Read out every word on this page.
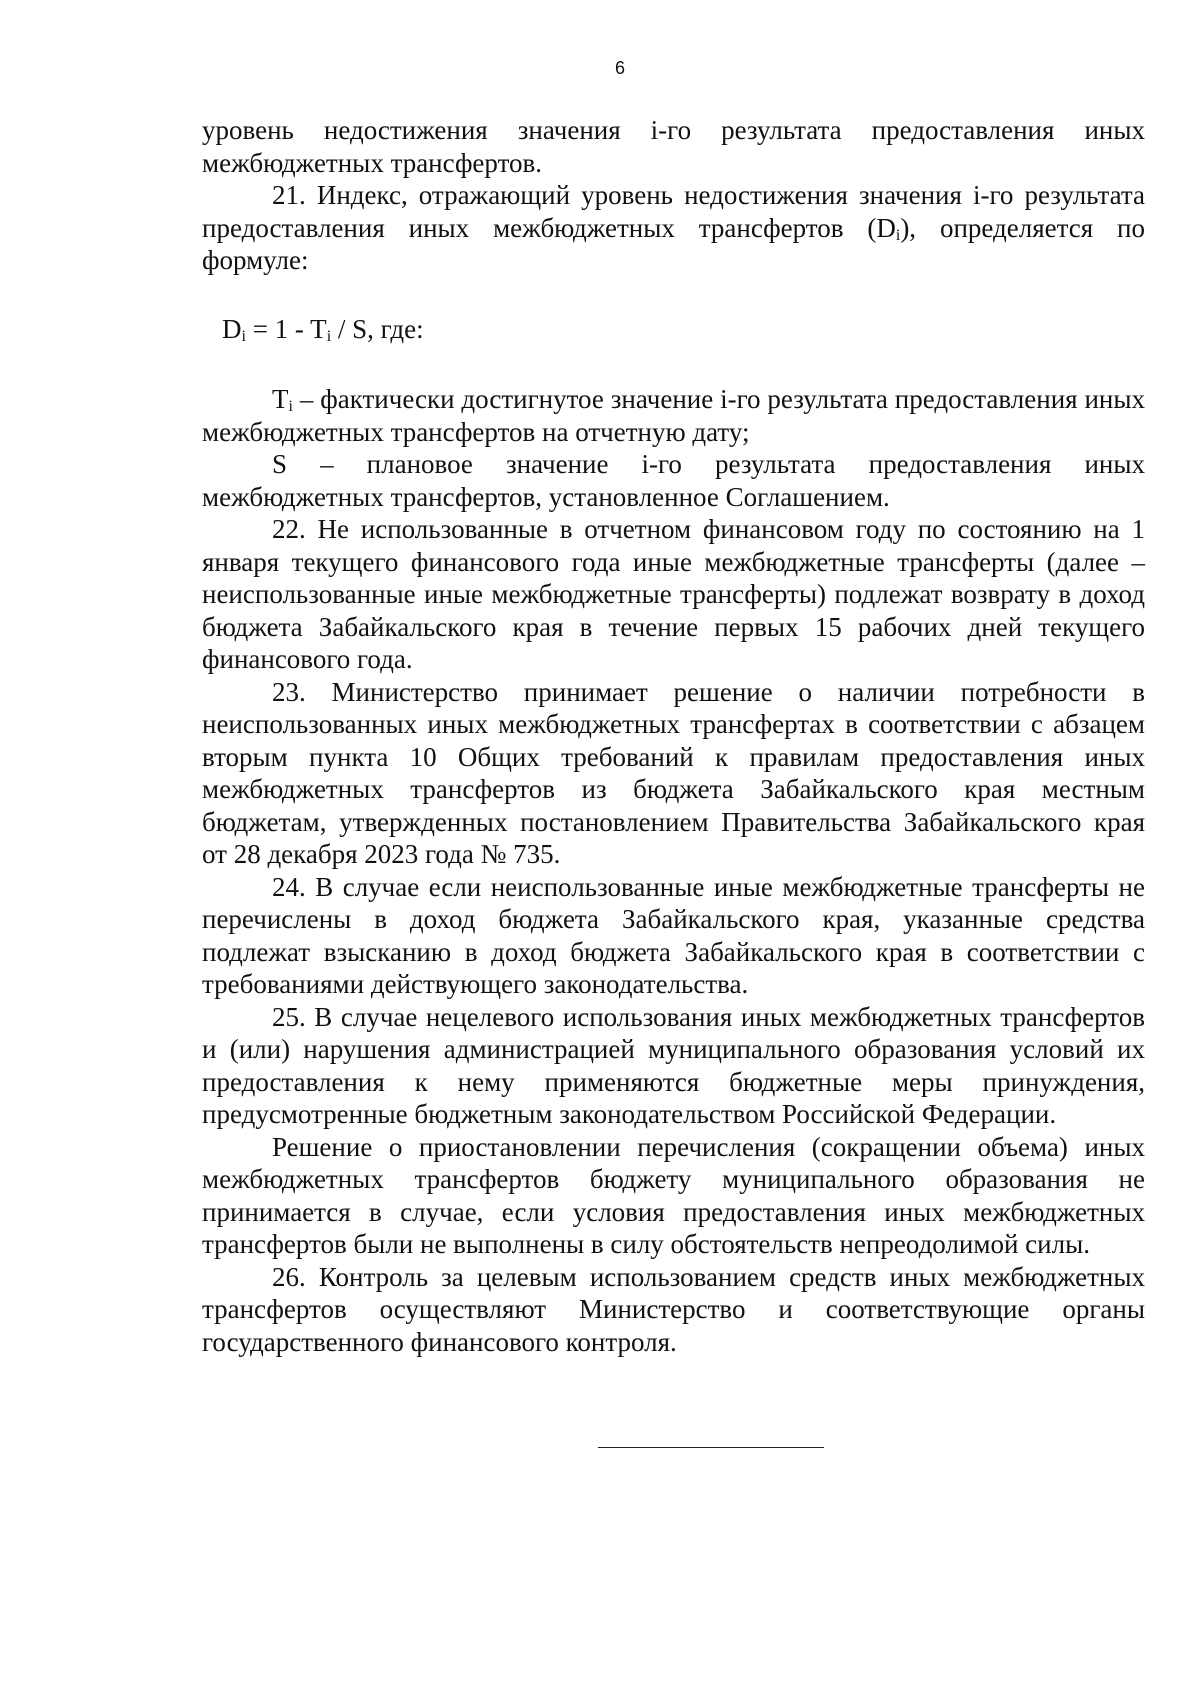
6

уровень недостижения значения i-го результата предоставления иных межбюджетных трансфертов.

21. Индекс, отражающий уровень недостижения значения i-го результата предоставления иных межбюджетных трансфертов $(D_i)$, определяется по формуле:

$D_i = 1 - T_i / S$, где:

$T_i$ – фактически достигнутое значение i-го результата предоставления иных межбюджетных трансфертов на отчетную дату;

S – плановое значение i-го результата предоставления иных межбюджетных трансфертов, установленное Соглашением.

22. Не использованные в отчетном финансовом году по состоянию на 1 января текущего финансового года иные межбюджетные трансферты (далее – неиспользованные иные межбюджетные трансферты) подлежат возврату в доход бюджета Забайкальского края в течение первых 15 рабочих дней текущего финансового года.

23. Министерство принимает решение о наличии потребности в неиспользованных иных межбюджетных трансфертах в соответствии с абзацем вторым пункта 10 Общих требований к правилам предоставления иных межбюджетных трансфертов из бюджета Забайкальского края местным бюджетам, утвержденных постановлением Правительства Забайкальского края от 28 декабря 2023 года № 735.

24. В случае если неиспользованные иные межбюджетные трансферты не перечислены в доход бюджета Забайкальского края, указанные средства подлежат взысканию в доход бюджета Забайкальского края в соответствии с требованиями действующего законодательства.

25. В случае нецелевого использования иных межбюджетных трансфертов и (или) нарушения администрацией муниципального образования условий их предоставления к нему применяются бюджетные меры принуждения, предусмотренные бюджетным законодательством Российской Федерации.

Решение о приостановлении перечисления (сокращении объема) иных межбюджетных трансфертов бюджету муниципального образования не принимается в случае, если условия предоставления иных межбюджетных трансфертов были не выполнены в силу обстоятельств непреодолимой силы.

26. Контроль за целевым использованием средств иных межбюджетных трансфертов осуществляют Министерство и соответствующие органы государственного финансового контроля.
